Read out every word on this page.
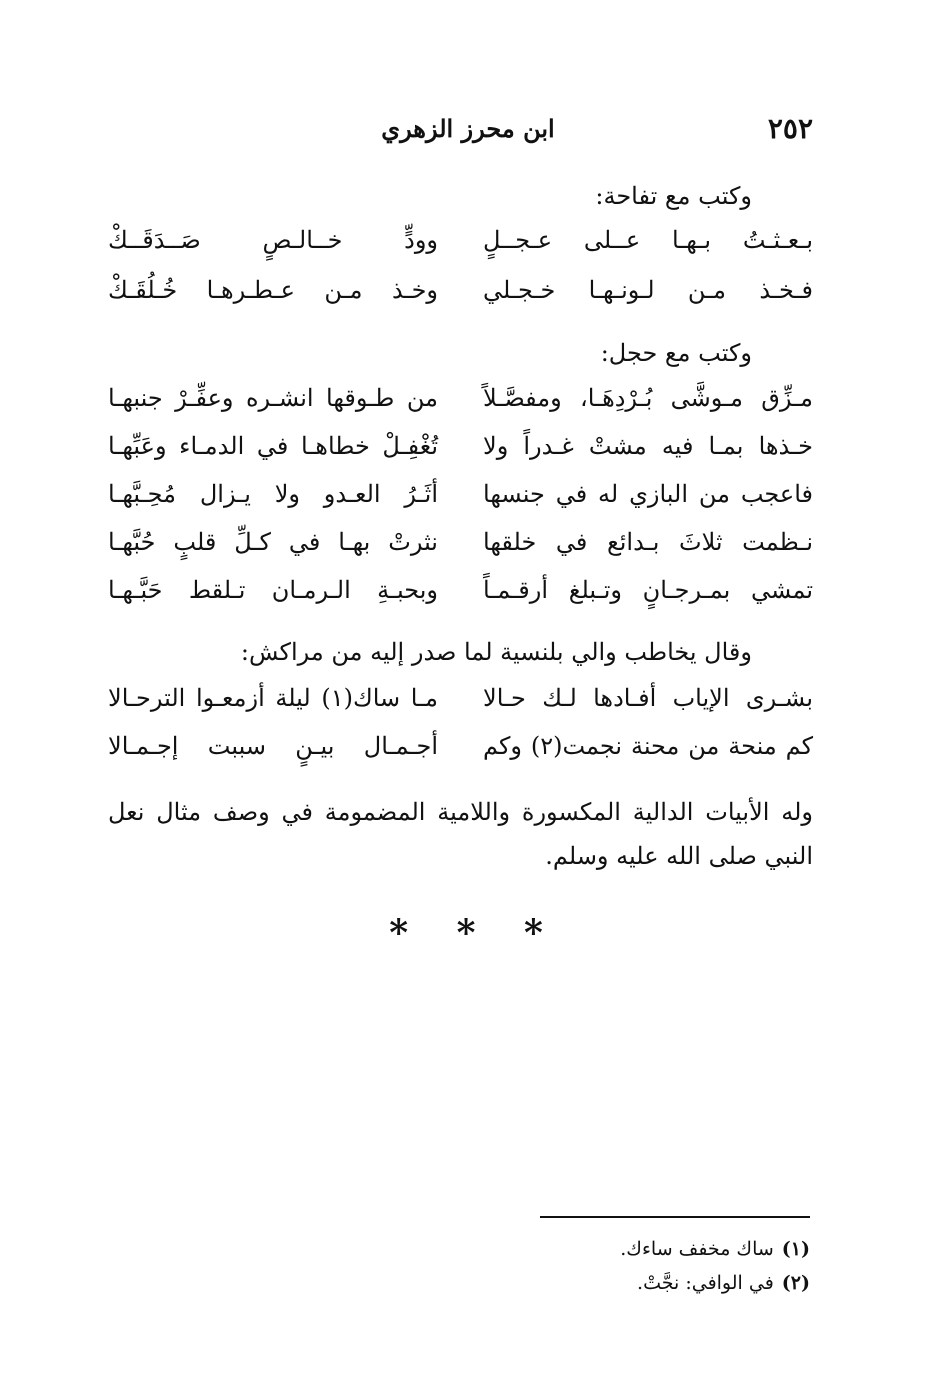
٢٥٢
ابن محرز الزهري
وكتب مع تفاحة:
بـعـثـتُ بـهـا عــلى عـجــلٍ
وودٍّ خــالـصٍ صَــدَقَــكْ
فـخـذ مـن لـونـهـا خـجـلي
وخـذ مـن عـطـرهـا خُـلُقَـكْ
وكتب مع حجل:
مـزِّق مـوشَّى بُـرْدِهَـا، ومفصَّـلاً
من طـوقها انشـره وعفِّـرْ جنبهـا
خـذها بمـا فيه مشتْ غـدراً ولا
تُغْفِـلْ خطاهـا في الدمـاء وعَبِّهـا
فاعجب من البازي له في جنسها
أثَـرُ العـدو ولا يـزال مُحِـبَّهـا
نـظمت ثلاثَ بـدائع في خلقها
نثرتْ بهـا في كـلِّ قلبٍ حُبَّهـا
تمشي بمـرجـانٍ وتـبلغ أرقـمـاً
وبحبـةِ الـرمـان تـلقط حَبَّـهـا
وقال يخاطب والي بلنسية لما صدر إليه من مراكش:
بشـرى الإياب أفـادها لـك حـالا
مـا ساك(١) ليلة أزمعـوا الترحـالا
كم منحة من محنة نجمت(٢) وكم
أجـمـال بيـنٍ سببت إجـمـالا
وله الأبيات الدالية المكسورة واللامية المضمومة في وصف مثال نعل النبي صلى الله عليه وسلم.
* * *
(١)ساك مخفف ساءك.
(٢)في الوافي: نجَّتْ.
